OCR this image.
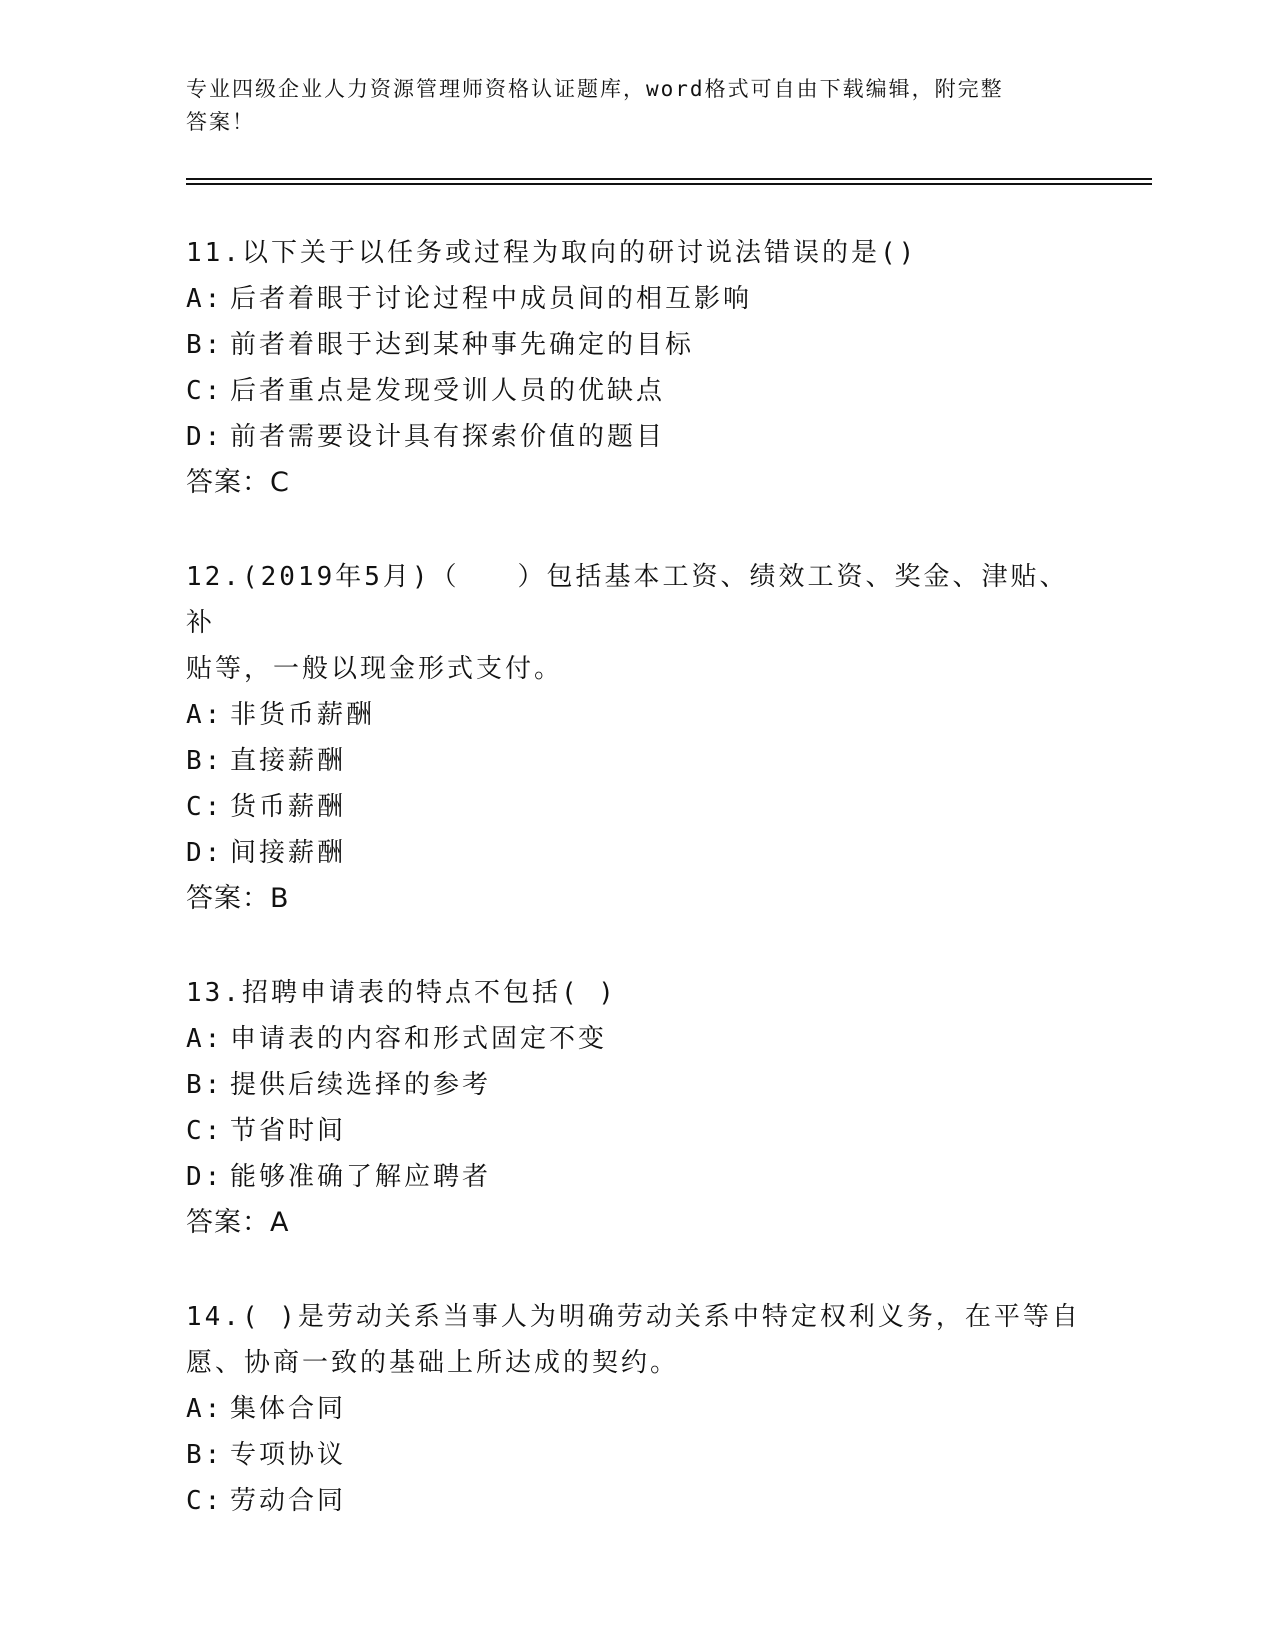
专业四级企业人力资源管理师资格认证题库，word格式可自由下载编辑，附完整
答案！
11.以下关于以任务或过程为取向的研讨说法错误的是()
A: 后者着眼于讨论过程中成员间的相互影响
B: 前者着眼于达到某种事先确定的目标
C: 后者重点是发现受训人员的优缺点
D: 前者需要设计具有探索价值的题目
答案：C
12.(2019年5月)（　　）包括基本工资、绩效工资、奖金、津贴、补
贴等，一般以现金形式支付。
A: 非货币薪酬
B: 直接薪酬
C: 货币薪酬
D: 间接薪酬
答案：B
13.招聘申请表的特点不包括( )
A: 申请表的内容和形式固定不变
B: 提供后续选择的参考
C: 节省时间
D: 能够准确了解应聘者
答案：A
14.( )是劳动关系当事人为明确劳动关系中特定权利义务，在平等自
愿、协商一致的基础上所达成的契约。
A: 集体合同
B: 专项协议
C: 劳动合同
